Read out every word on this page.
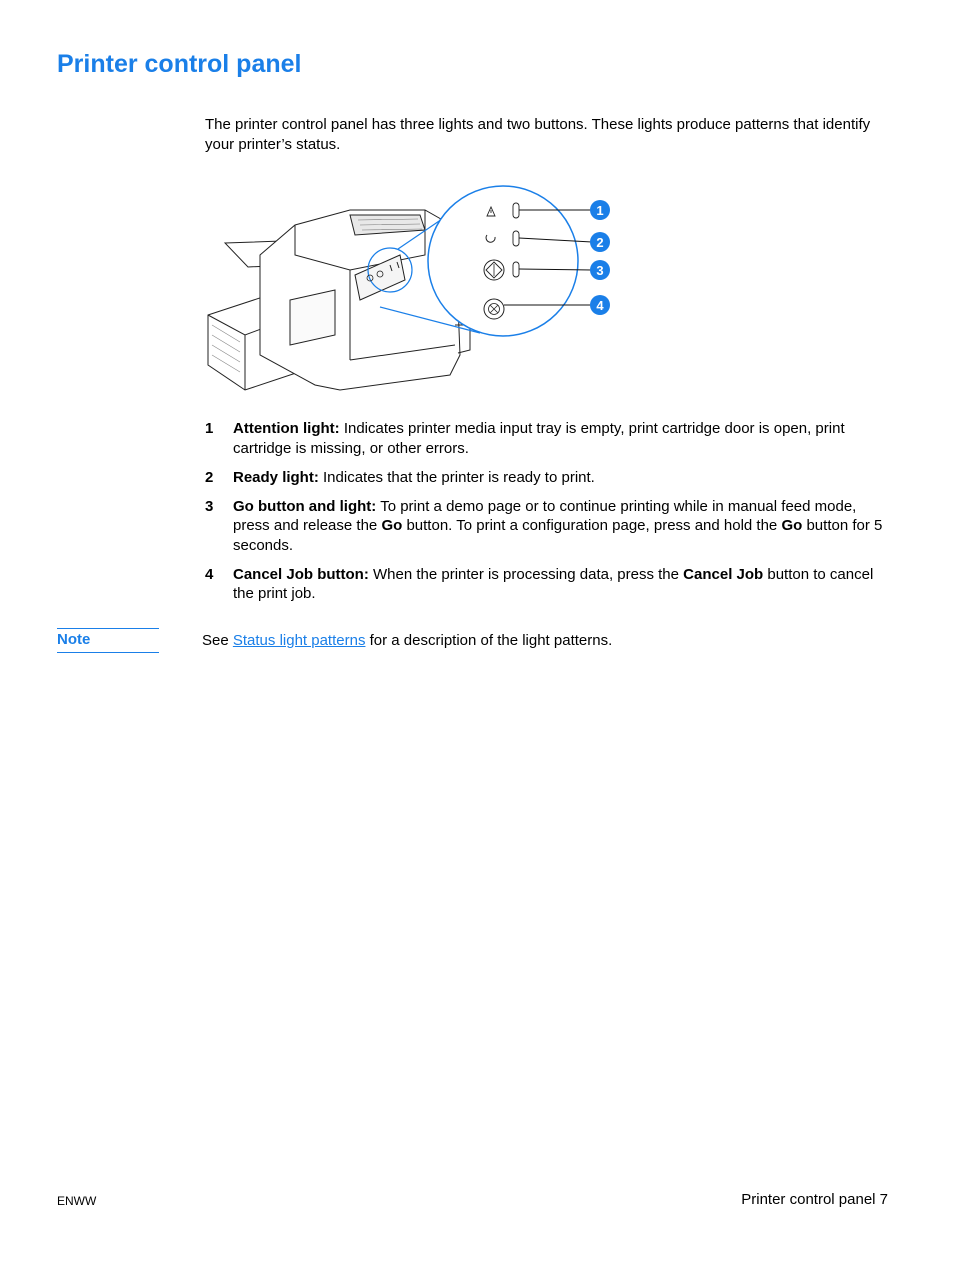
Printer control panel

The printer control panel has three lights and two buttons. These lights produce patterns that identify your printer’s status.

1
2
3
4
1 Attention light: Indicates printer media input tray is empty, print cartridge door is open, print cartridge is missing, or other errors.
2 Ready light: Indicates that the printer is ready to print.
3 Go button and light: To print a demo page or to continue printing while in manual feed mode, press and release the Go button. To print a configuration page, press and hold the Go button for 5 seconds.
4 Cancel Job button: When the printer is processing data, press the Cancel Job button to cancel the print job.
Note	See Status light patterns for a description of the light patterns.
ENWW	Printer control panel 7
